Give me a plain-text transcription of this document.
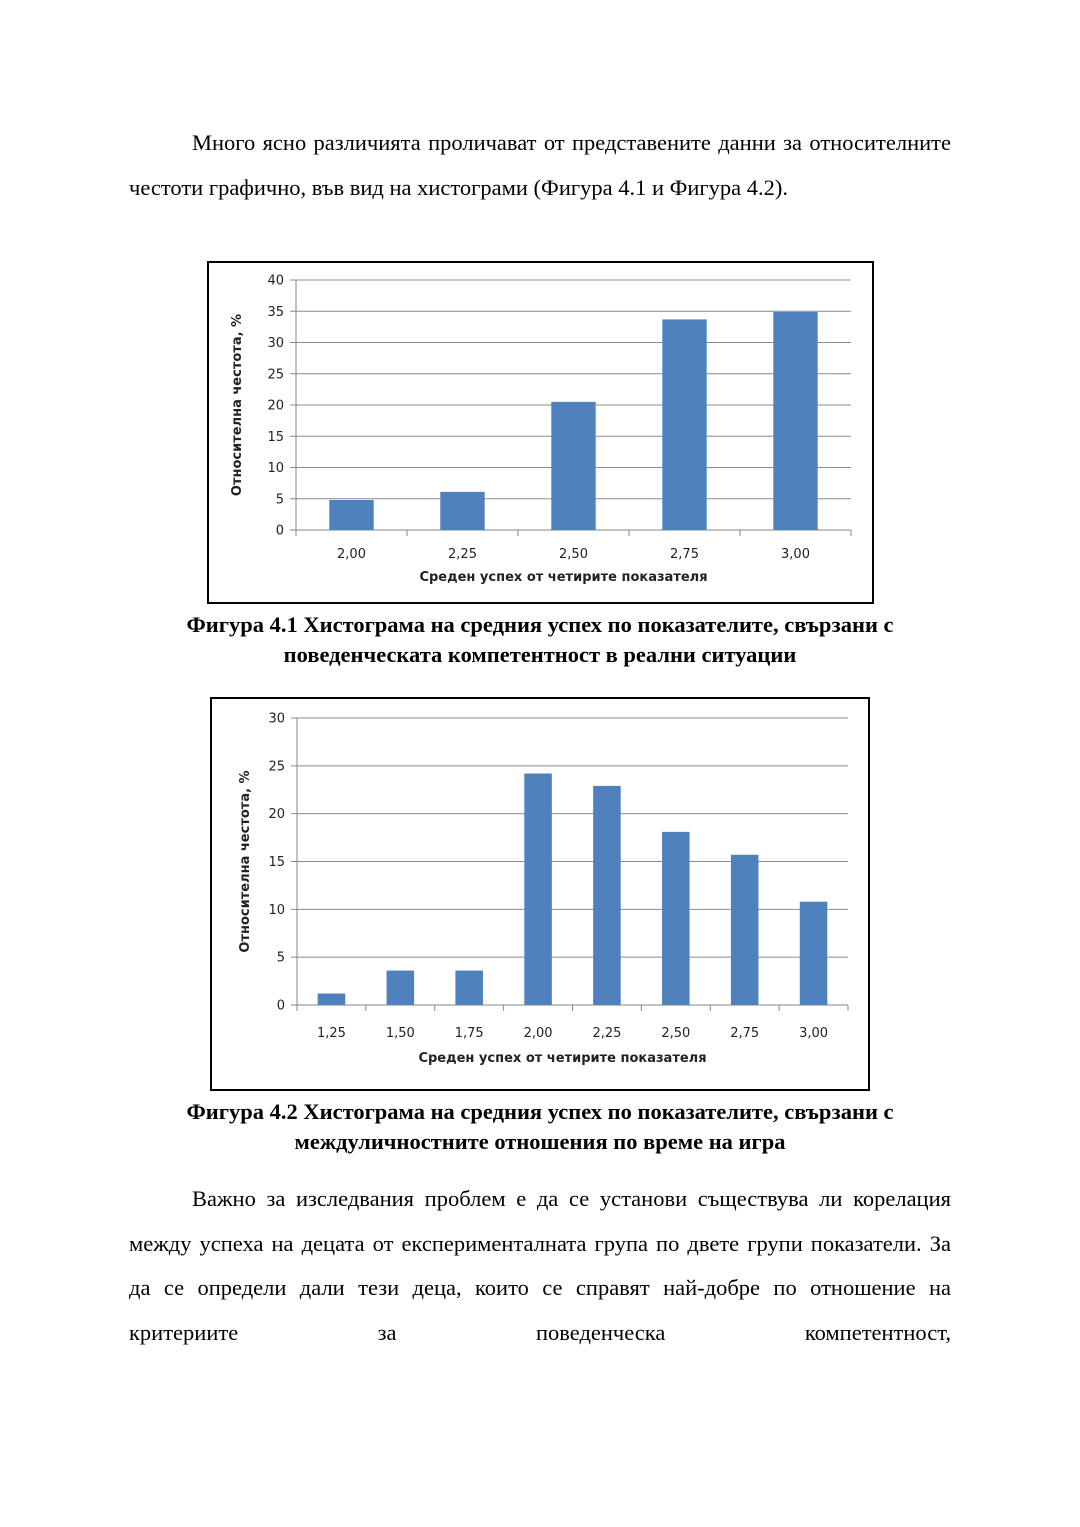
Много ясно различията проличават от представените данни за относителните честоти графично, във вид на хистограми (Фигура 4.1 и Фигура 4.2).

0
5
10
15
20
25
30
35
40
2,00	2,25	2,50	2,75	3,00
Среден успех от четирите показателя
Относителна честота, %
Фигура 4.1 Хистограма на средния успех по показателите, свързани с
поведенческата компетентност в реални ситуации
0
5
10
15
20
25
30
1,25	1,50	1,75	2,00	2,25	2,50	2,75	3,00
Среден успех от четирите показателя
Относителна честота, %
Фигура 4.2 Хистограма на средния успех по показателите, свързани с
междуличностните отношения по време на игра

Важно за изследвания проблем е да се установи съществува ли корелация между успеха на децата от експерименталната група по двете групи показатели. За да се определи дали тези деца, които се справят най-добре по отношение на критериите за поведенческа компетентност,
